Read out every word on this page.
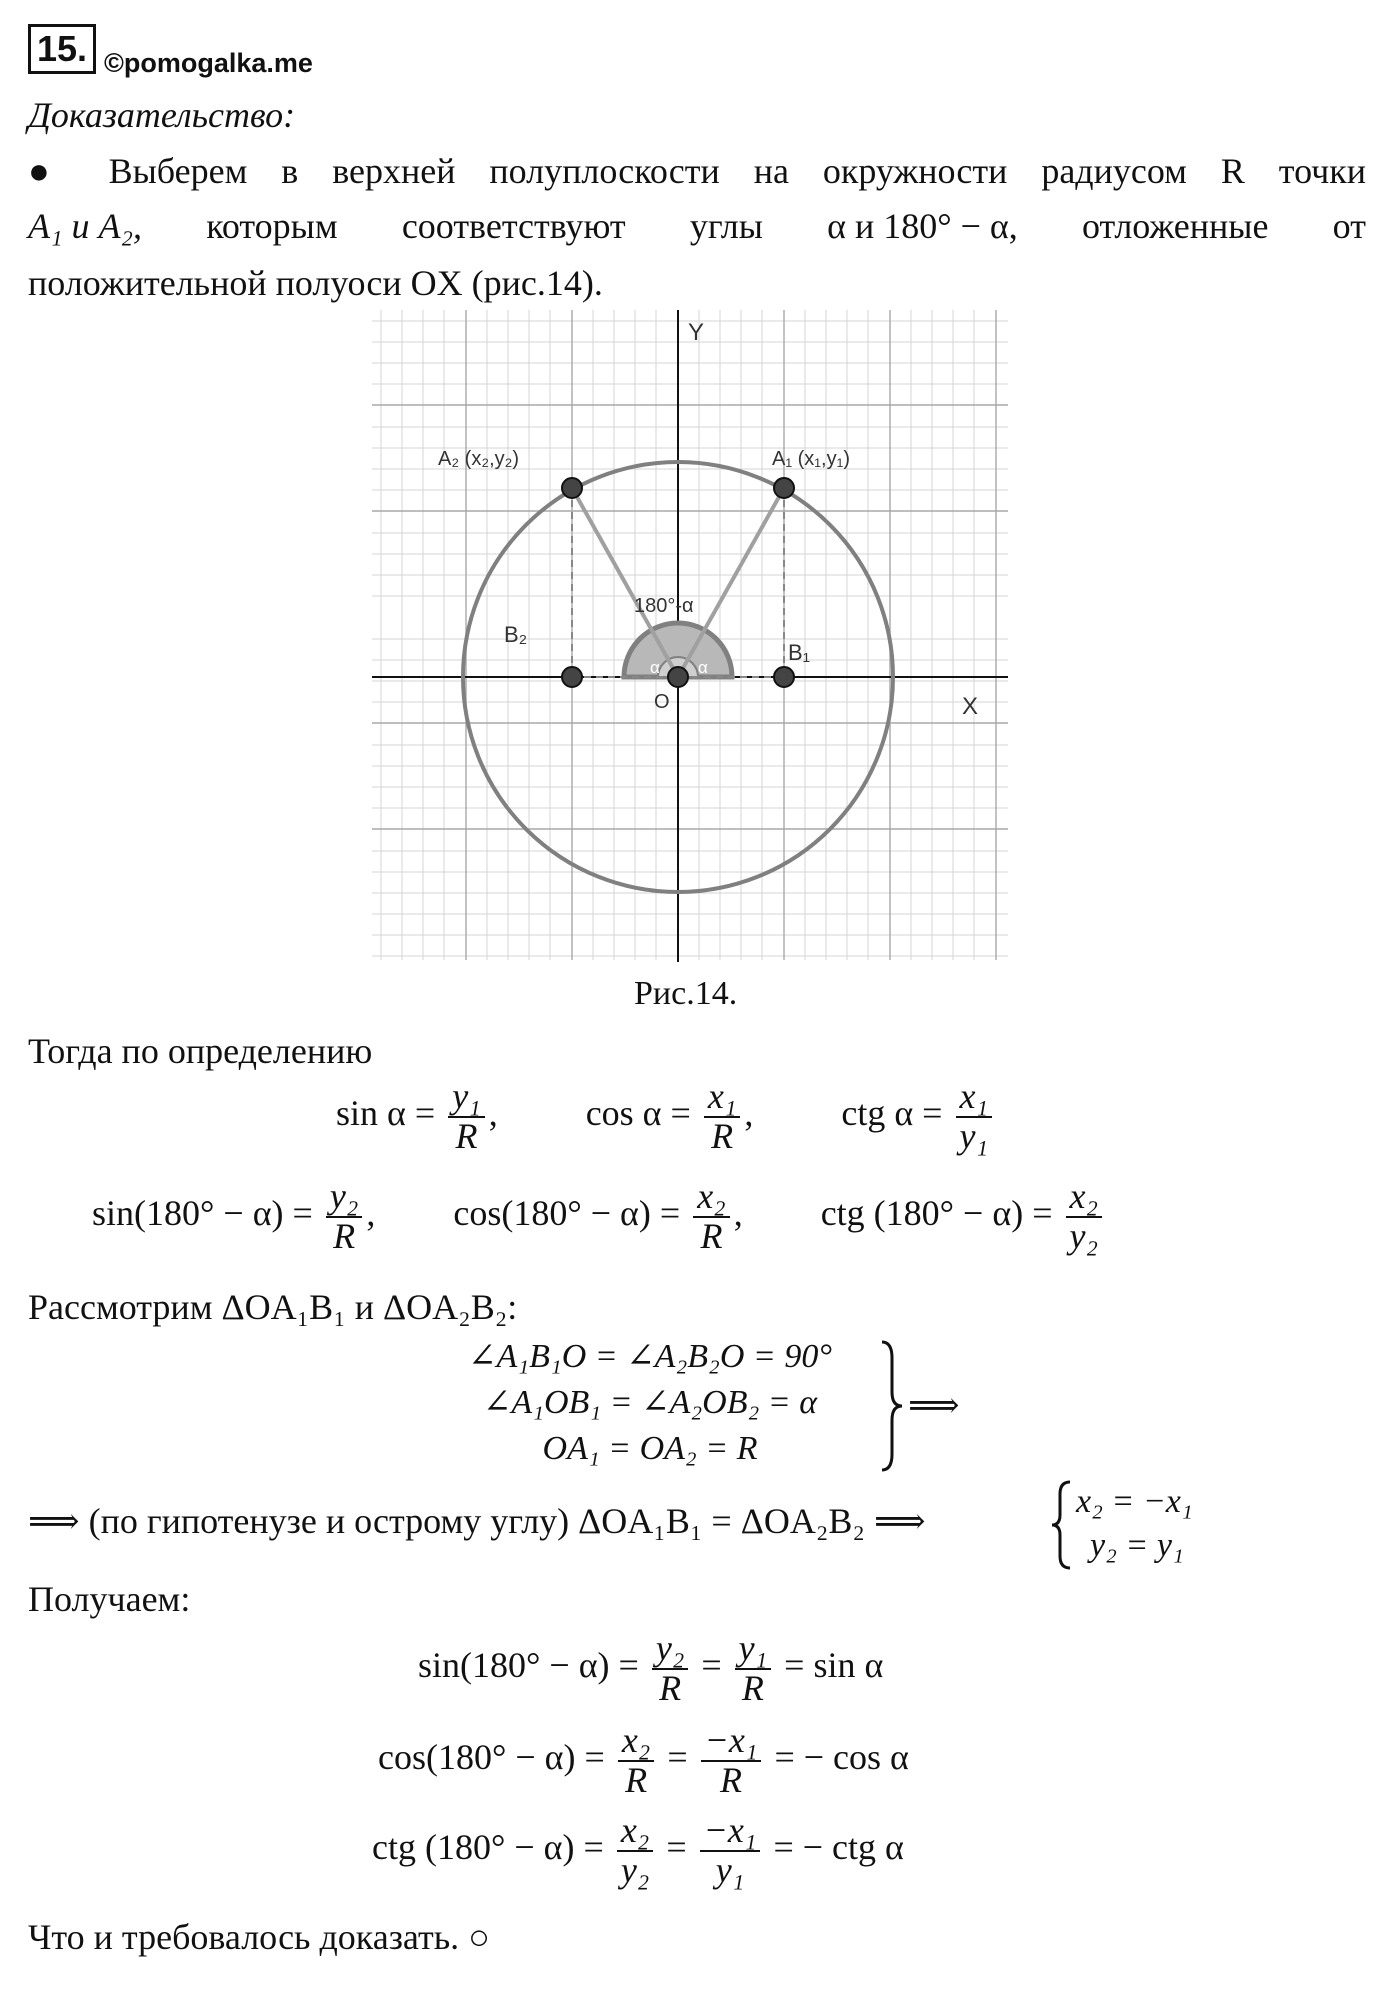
15. ©pomogalka.me
Доказательство:
● Выберем в верхней полуплоскости на окружности радиусом R точки
A₁ и A₂, которым соответствуют углы α и 180° − α, отложенные от
положительной полуоси OX (рис.14).
Y
X
O
A₁ (x₁,y₁)
A₂ (x₂,y₂)
B₁
B₂
180°-α
α α
Рис.14.
Тогда по определению
$\sin \alpha = \frac{\text{y₁}}{R}$ ,  $\cos \alpha = \frac{\text{x₁}}{R}$ ,  ctg $\alpha = \frac{\text{x₁}}{\text{y₁}}$
$\sin(180^\circ - \alpha) = \frac{\text{y₂}}{R}$ ,  $\cos(180^\circ - \alpha) = \frac{\text{x₂}}{R}$ ,  ctg $(180^\circ - \alpha) = \frac{\text{x₂}}{\text{y₂}}$
Рассмотрим ΔOA₁B₁ и ΔOA₂B₂:
∠A₁B₁O = ∠A₂B₂O = 90°
∠A₁OB₁ = ∠A₂OB₂ = α
OA₁ = OA₂ = R
⟹
⟹ (по гипотенузе и острому углу) ΔOA₁B₁ = ΔOA₂B₂ ⟹	x₂ = −x₁
y₂ = y₁
Получаем:
$\sin(180^\circ - \alpha) = \frac{\text{y₂}}{R} = \frac{\text{y₁}}{R} = \sin \alpha$
$\cos(180^\circ - \alpha) = \frac{\text{x₂}}{R} = \frac{\text{−x₁}}{R}$ = − cos α
ctg $(180^\circ - \alpha) = \frac{\text{x₂}}{\text{y₂}} = \frac{\text{−x₁}}{\text{y₁}}$ = − ctg α
Что и требовалось доказать. ○
